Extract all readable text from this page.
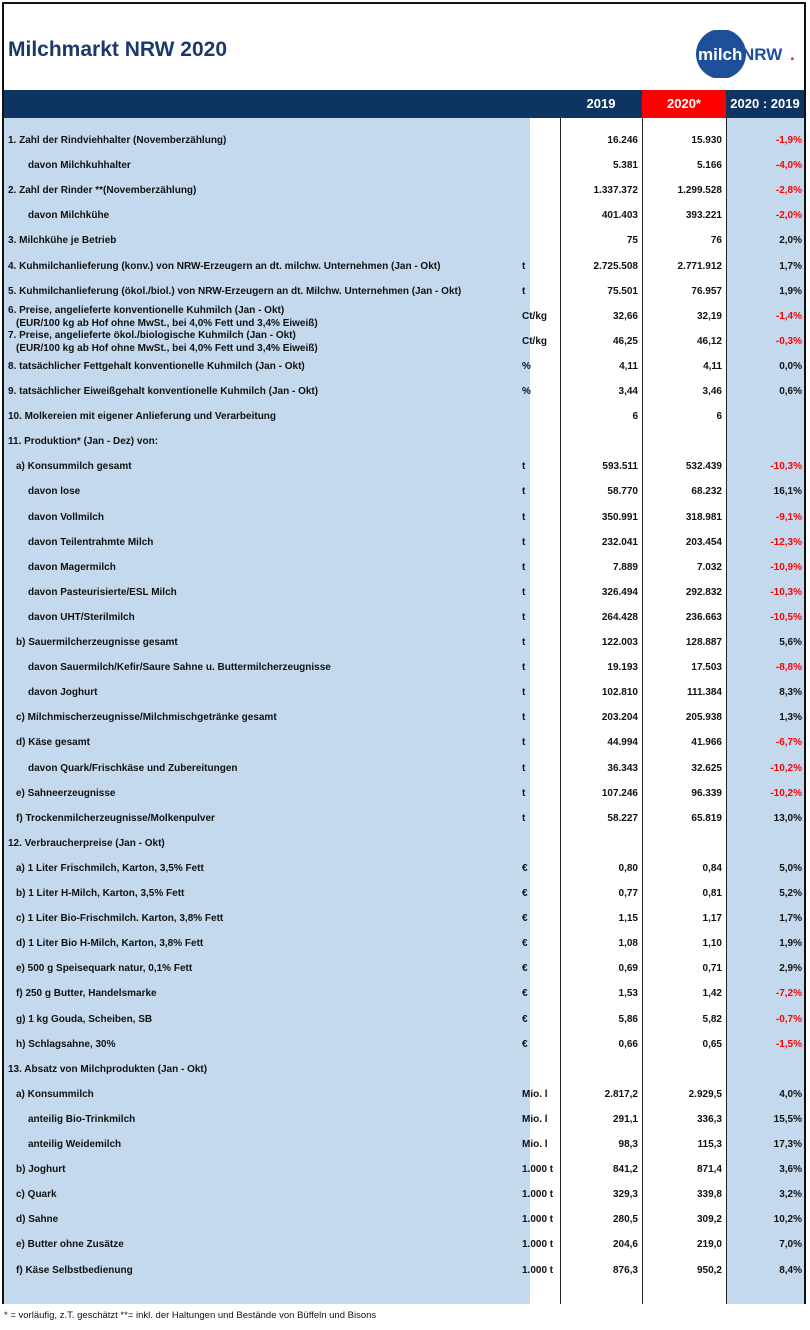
Milchmarkt NRW 2020	milch NRW .
2019	2020*	2020 : 2019
1. Zahl der Rindviehhalter (Novemberzählung)	16.246	15.930	-1,9%
davon Milchkuhhalter	5.381	5.166	-4,0%
2. Zahl der Rinder **(Novemberzählung)	1.337.372	1.299.528	-2,8%
davon Milchkühe	401.403	393.221	-2,0%
3. Milchkühe je Betrieb	75	76	2,0%
4. Kuhmilchanlieferung (konv.) von NRW-Erzeugern an dt. milchw. Unternehmen (Jan - Okt)	t	2.725.508	2.771.912	1,7%
5. Kuhmilchanlieferung (ökol./biol.) von NRW-Erzeugern an dt. Milchw. Unternehmen (Jan - Okt)	t	75.501	76.957	1,9%
6. Preise, angelieferte konventionelle Kuhmilch (Jan - Okt)
(EUR/100 kg ab Hof ohne MwSt., bei 4,0% Fett und 3,4% Eiweiß)
Ct/kg	32,66	32,19	-1,4%
7. Preise, angelieferte ökol./biologische Kuhmilch (Jan - Okt)
(EUR/100 kg ab Hof ohne MwSt., bei 4,0% Fett und 3,4% Eiweiß)
Ct/kg	46,25	46,12	-0,3%
8. tatsächlicher Fettgehalt konventionelle Kuhmilch (Jan - Okt)	%	4,11	4,11	0,0%
9. tatsächlicher Eiweißgehalt konventionelle Kuhmilch (Jan - Okt)	%	3,44	3,46	0,6%
10. Molkereien mit eigener Anlieferung und Verarbeitung	6	6
11. Produktion* (Jan - Dez) von:
a) Konsummilch gesamt	t	593.511	532.439	-10,3%
davon lose	t	58.770	68.232	16,1%
davon Vollmilch	t	350.991	318.981	-9,1%
davon Teilentrahmte Milch	t	232.041	203.454	-12,3%
davon Magermilch	t	7.889	7.032	-10,9%
davon Pasteurisierte/ESL Milch	t	326.494	292.832	-10,3%
davon UHT/Sterilmilch	t	264.428	236.663	-10,5%
b) Sauermilcherzeugnisse gesamt	t	122.003	128.887	5,6%
davon Sauermilch/Kefir/Saure Sahne u. Buttermilcherzeugnisse	t	19.193	17.503	-8,8%
davon Joghurt	t	102.810	111.384	8,3%
c) Milchmischerzeugnisse/Milchmischgetränke gesamt	t	203.204	205.938	1,3%
d) Käse gesamt	t	44.994	41.966	-6,7%
davon Quark/Frischkäse und Zubereitungen	t	36.343	32.625	-10,2%
e) Sahneerzeugnisse	t	107.246	96.339	-10,2%
f) Trockenmilcherzeugnisse/Molkenpulver	t	58.227	65.819	13,0%
12. Verbraucherpreise (Jan - Okt)
a) 1 Liter Frischmilch, Karton, 3,5% Fett	€	0,80	0,84	5,0%
b) 1 Liter H-Milch, Karton, 3,5% Fett	€	0,77	0,81	5,2%
c) 1 Liter Bio-Frischmilch. Karton, 3,8% Fett	€	1,15	1,17	1,7%
d) 1 Liter Bio H-Milch, Karton, 3,8% Fett	€	1,08	1,10	1,9%
e) 500 g Speisequark natur, 0,1% Fett	€	0,69	0,71	2,9%
f) 250 g Butter, Handelsmarke	€	1,53	1,42	-7,2%
g) 1 kg Gouda, Scheiben, SB	€	5,86	5,82	-0,7%
h) Schlagsahne, 30%	€	0,66	0,65	-1,5%
13. Absatz von Milchprodukten (Jan - Okt)
a) Konsummilch	Mio. l	2.817,2	2.929,5	4,0%
anteilig Bio-Trinkmilch	Mio. l	291,1	336,3	15,5%
anteilig Weidemilch	Mio. l	98,3	115,3	17,3%
b) Joghurt	1.000 t	841,2	871,4	3,6%
c) Quark	1.000 t	329,3	339,8	3,2%
d) Sahne	1.000 t	280,5	309,2	10,2%
e) Butter ohne Zusätze	1.000 t	204,6	219,0	7,0%
f) Käse Selbstbedienung	1.000 t	876,3	950,2	8,4%
* = vorläufig, z.T. geschätzt **= inkl. der Haltungen und Bestände von Büffeln und Bisons
